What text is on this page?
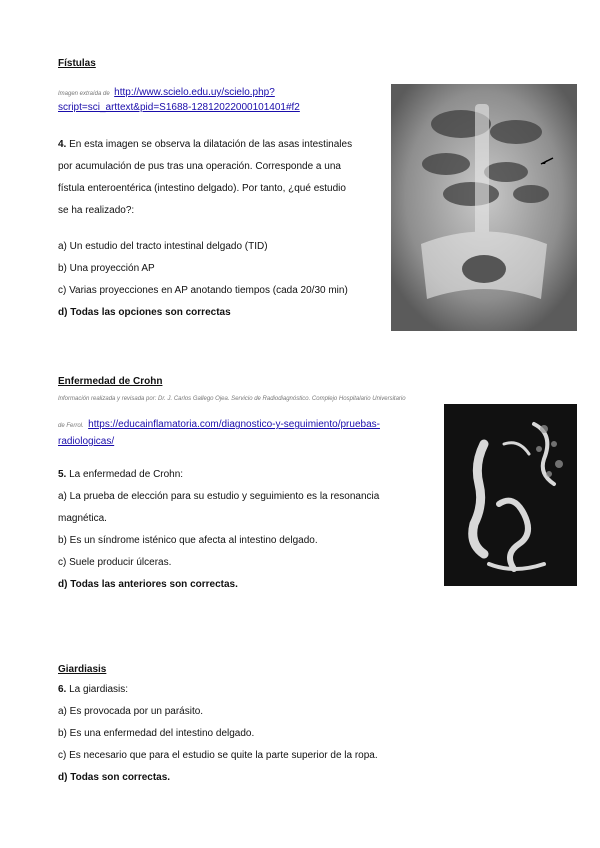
Fístulas
Imagen extraída de http://www.scielo.edu.uy/scielo.php?
script=sci_arttext&pid=S1688-12812022000101401#f2
4. En esta imagen se observa la dilatación de las asas intestinales
por acumulación de pus tras una operación. Corresponde a una
fístula enteroentérica (intestino delgado). Por tanto, ¿qué estudio
se ha realizado?:
a) Un estudio del tracto intestinal delgado (TID)
b) Una proyección AP
c) Varias proyecciones en AP anotando tiempos (cada 20/30 min)
d) Todas las opciones son correctas
Enfermedad de Crohn
Información realizada y revisada por: Dr. J. Carlos Gallego Ojea. Servicio de Radiodiagnóstico. Complejo Hospitalario Universitario
de Ferrol. https://educainflamatoria.com/diagnostico-y-seguimiento/pruebas-
radiologicas/
5. La enfermedad de Crohn:
a) La prueba de elección para su estudio y seguimiento es la resonancia
magnética.
b) Es un síndrome isténico que afecta al intestino delgado.
c) Suele producir úlceras.
d) Todas las anteriores son correctas.
Giardiasis
6. La giardiasis:
a) Es provocada por un parásito.
b) Es una enfermedad del intestino delgado.
c) Es necesario que para el estudio se quite la parte superior de la ropa.
d) Todas son correctas.
